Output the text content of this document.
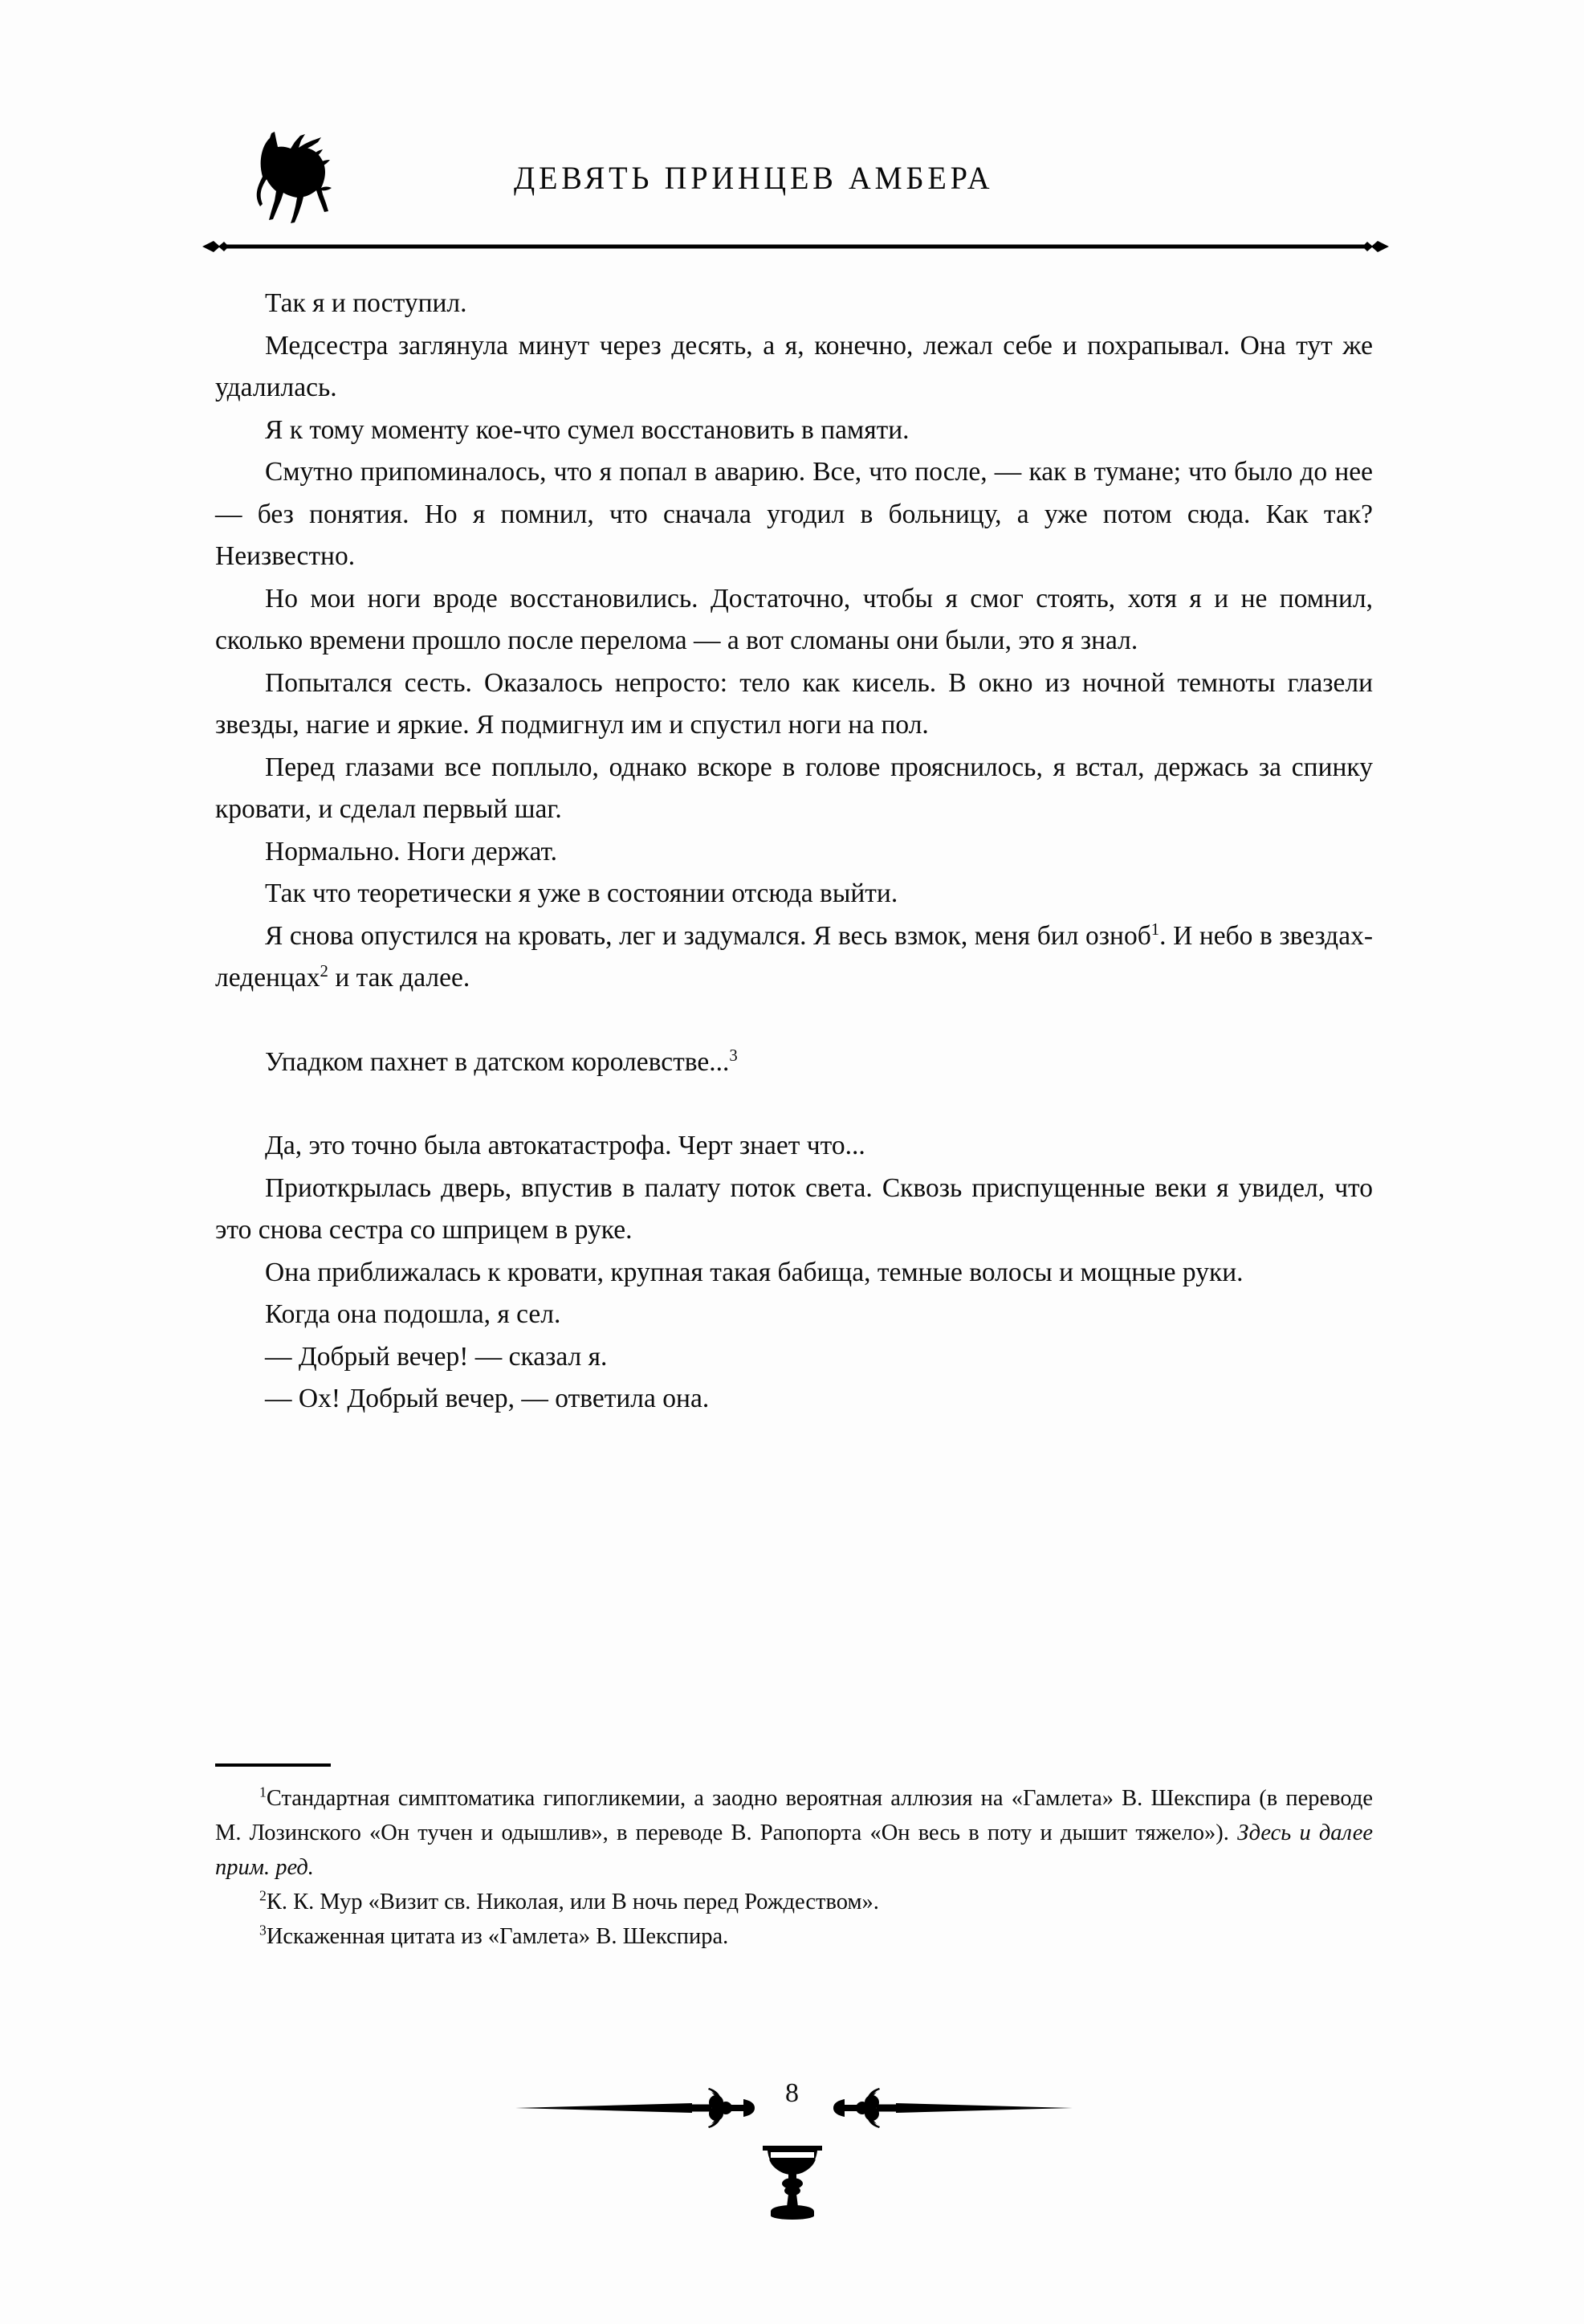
ДЕВЯТЬ ПРИНЦЕВ АМБЕРА

Так я и поступил.

Медсестра заглянула минут через десять, а я, конечно, лежал себе и похрапывал. Она тут же удалилась.

Я к тому моменту кое-что сумел восстановить в памяти.

Смутно припоминалось, что я попал в аварию. Все, что после, — как в тумане; что было до нее — без понятия. Но я помнил, что сначала угодил в больницу, а уже потом сюда. Как так? Неизвестно.

Но мои ноги вроде восстановились. Достаточно, чтобы я смог стоять, хотя я и не помнил, сколько времени прошло после перелома — а вот сломаны они были, это я знал.

Попытался сесть. Оказалось непросто: тело как кисель. В окно из ночной темноты глазели звезды, нагие и яркие. Я подмигнул им и спустил ноги на пол.

Перед глазами все поплыло, однако вскоре в голове прояснилось, я встал, держась за спинку кровати, и сделал первый шаг.

Нормально. Ноги держат.

Так что теоретически я уже в состоянии отсюда выйти.

Я снова опустился на кровать, лег и задумался. Я весь взмок, меня бил озноб$^1$. И небо в звездах-леденцах$^2$ и так далее.

Упадком пахнет в датском королевстве...$^3$

Да, это точно была автокатастрофа. Черт знает что...

Приоткрылась дверь, впустив в палату поток света. Сквозь приспущенные веки я увидел, что это снова сестра со шприцем в руке.

Она приближалась к кровати, крупная такая бабища, темные волосы и мощные руки.

Когда она подошла, я сел.

— Добрый вечер! — сказал я.

— Ох! Добрый вечер, — ответила она.

$^1$Стандартная симптоматика гипогликемии, а заодно вероятная аллюзия на «Гамлета» В. Шекспира (в переводе М. Лозинского «Он тучен и одышлив», в переводе В. Рапопорта «Он весь в поту и дышит тяжело»). Здесь и далее прим. ред.

$^2$К. К. Мур «Визит св. Николая, или В ночь перед Рождеством».

$^3$Искаженная цитата из «Гамлета» В. Шекспира.

8
